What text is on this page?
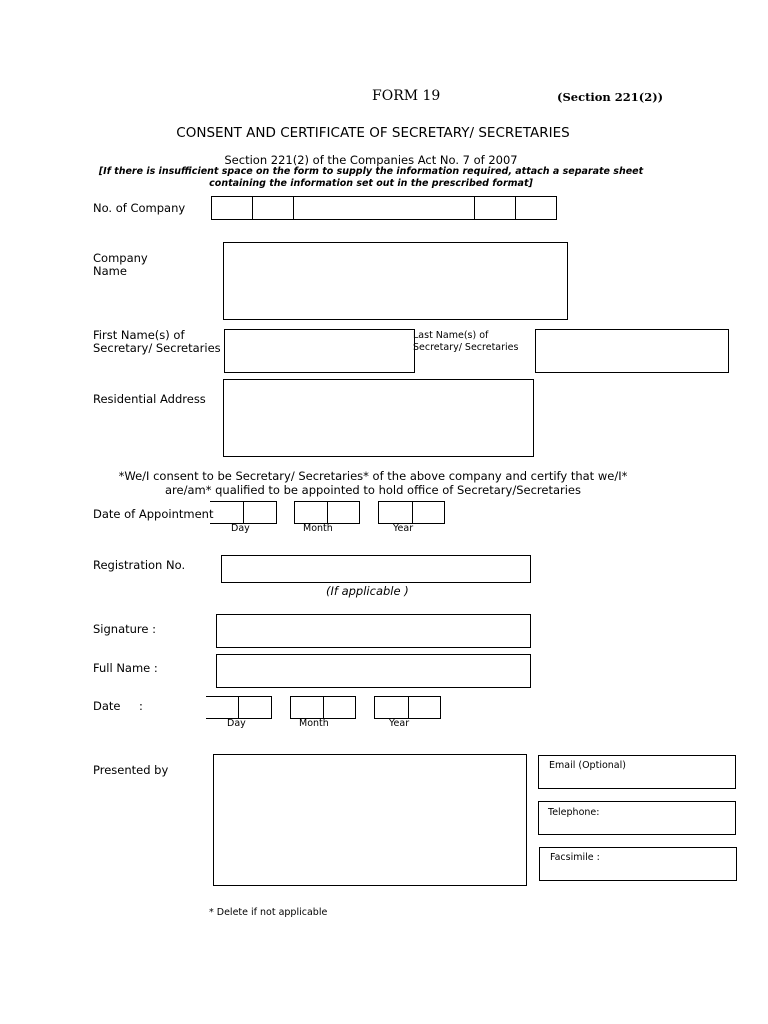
FORM 19	(Section 221(2))
CONSENT AND CERTIFICATE OF SECRETARY/ SECRETARIES
Section 221(2) of the Companies Act No. 7 of 2007
[If there is insufficient space on the form to supply the information required, attach a separate sheet
containing the information set out in the prescribed format]
No. of Company
Company
Name
First Name(s) of
Secretary/ Secretaries
Last Name(s) of
Secretary/ Secretaries
Residential Address
*We/I consent to be Secretary/ Secretaries* of the above company and certify that we/I*
are/am* qualified to be appointed to hold office of Secretary/Secretaries
Date of Appointment
Day	Month	Year
Registration No.
(If applicable )
Signature :
Full Name :
Date :
Day	Month	Year
Presented by	Email (Optional)
Telephone:
Facsimile :
* Delete if not applicable
